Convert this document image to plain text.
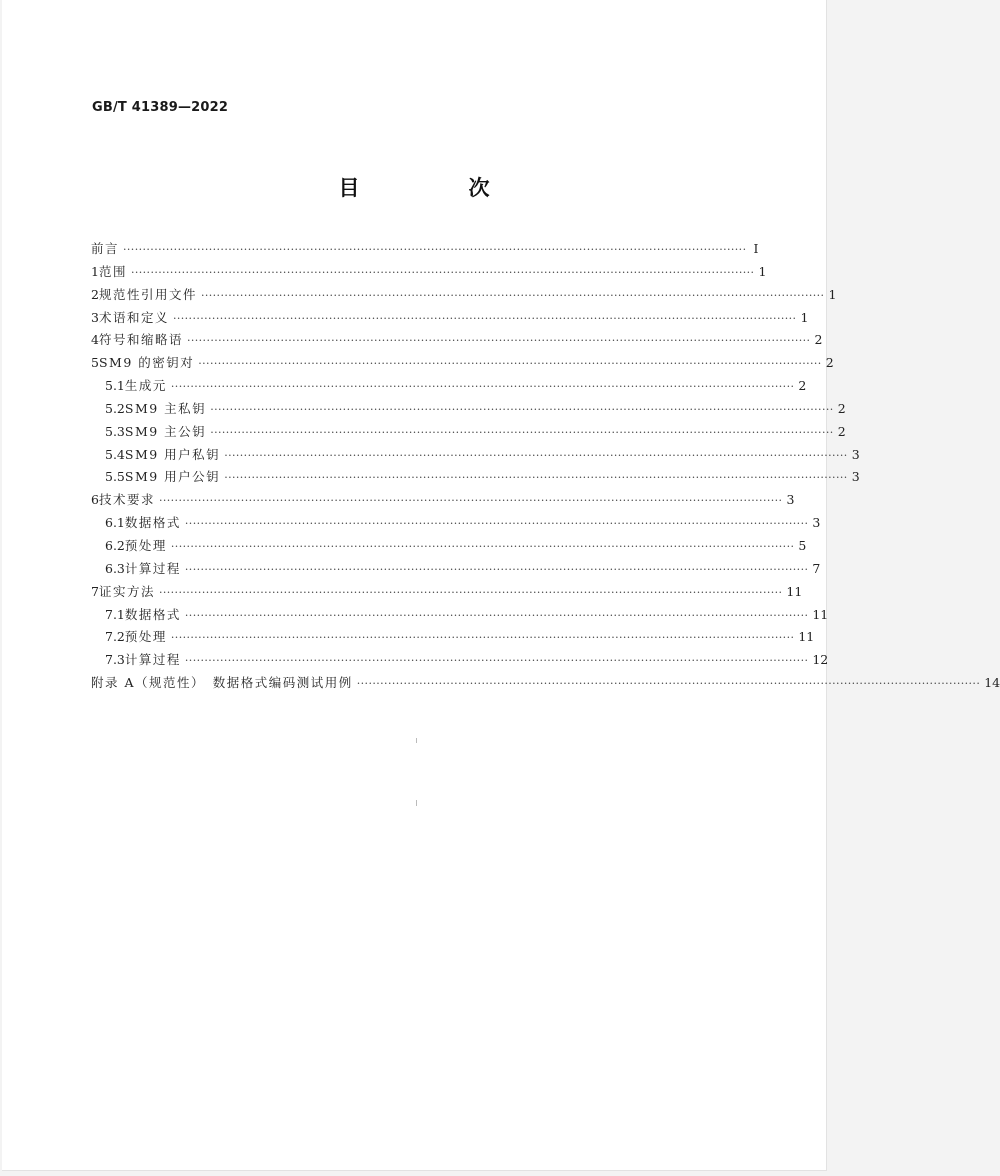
GB/T 41389—2022
目　次
前言 ································································································································································ Ⅰ
1 范围 ································································································································································ 1
2 规范性引用文件 ································································································································································ 1
3 术语和定义 ································································································································································ 1
4 符号和缩略语 ································································································································································ 2
5 SM9 的密钥对 ································································································································································ 2
5.1 生成元 ································································································································································ 2
5.2 SM9 主私钥 ································································································································································ 2
5.3 SM9 主公钥 ································································································································································ 2
5.4 SM9 用户私钥 ································································································································································ 3
5.5 SM9 用户公钥 ································································································································································ 3
6 技术要求 ································································································································································ 3
6.1 数据格式 ································································································································································ 3
6.2 预处理 ································································································································································ 5
6.3 计算过程 ································································································································································ 7
7 证实方法 ································································································································································ 11
7.1 数据格式 ································································································································································ 11
7.2 预处理 ································································································································································ 11
7.3 计算过程 ································································································································································ 12
附录 A（规范性）　数据格式编码测试用例 ································································································································································ 14
